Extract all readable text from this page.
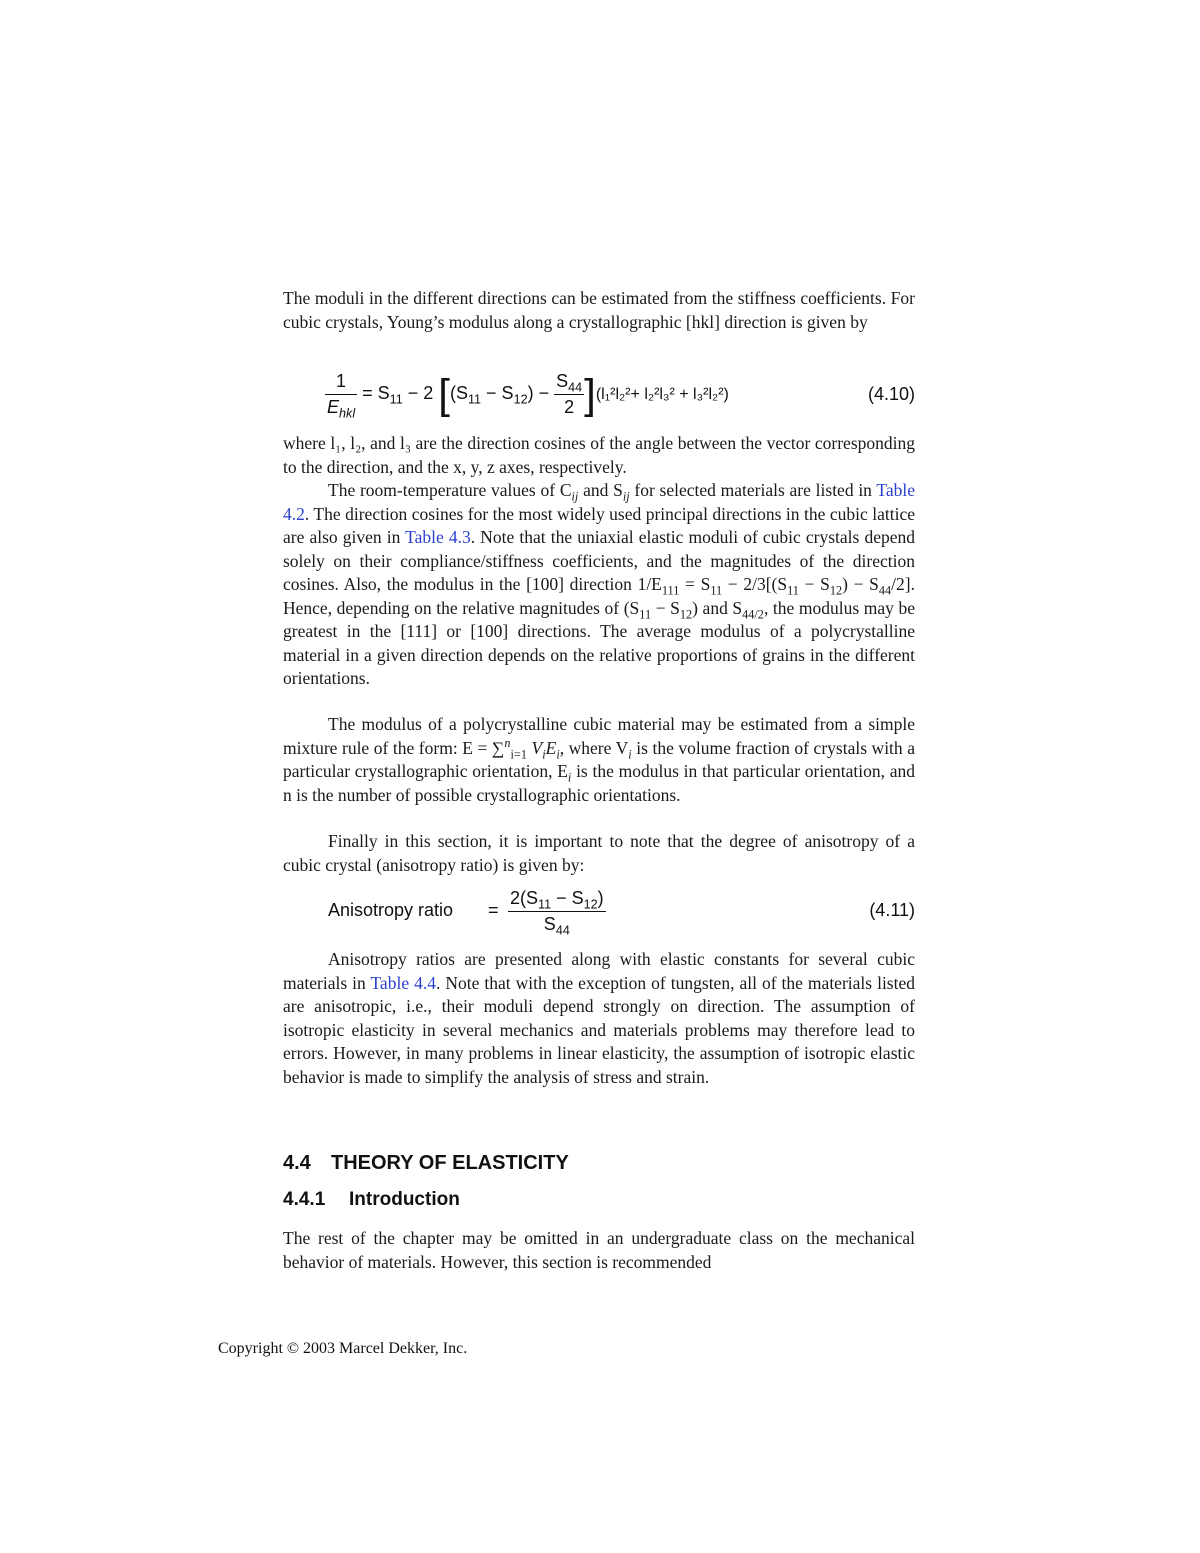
The moduli in the different directions can be estimated from the stiffness coefficients. For cubic crystals, Young’s modulus along a crystallographic [hkl] direction is given by

$\frac{1}{E_{hkl}} = S_{11} - 2$ $[(S_{11} - S_{12}) - \frac{S_{44}}{2} ](l_1^2l_2^2+ l_2^2l_3^2 + l_3^2l_2^2)$	(4.10)

where l₁, l₂, and l₃ are the direction cosines of the angle between the vector corresponding to the direction, and the x, y, z axes, respectively.

The room-temperature values of $C_{ij}$ and $S_{ij}$ for selected materials are listed in Table 4.2. The direction cosines for the most widely used principal directions in the cubic lattice are also given in Table 4.3. Note that the uniaxial elastic moduli of cubic crystals depend solely on their compliance/stiffness coefficients, and the magnitudes of the direction cosines. Also, the modulus in the [100] direction $1/E_{111} = S_{11} - 2/3[(S_{11} - S_{12}) - S_{44}/2]$. Hence, depending on the relative magnitudes of $(S_{11} - S_{12})$ and $S_{44/2}$, the modulus may be greatest in the [111] or [100] directions. The average modulus of a polycrystalline material in a given direction depends on the relative proportions of grains in the different orientations.

The modulus of a polycrystalline cubic material may be estimated from a simple mixture rule of the form: E = ∑$^n_{i=1}$ $V_iE_i$, where $V_i$ is the volume fraction of crystals with a particular crystallographic orientation, $E_i$ is the modulus in that particular orientation, and n is the number of possible crystallographic orientations.

Finally in this section, it is important to note that the degree of anisotropy of a cubic crystal (anisotropy ratio) is given by:

Anisotropy ratio = $\frac{2(S_{11} - S_{12})}{S_{44}}$	(4.11)

Anisotropy ratios are presented along with elastic constants for several cubic materials in Table 4.4. Note that with the exception of tungsten, all of the materials listed are anisotropic, i.e., their moduli depend strongly on direction. The assumption of isotropic elasticity in several mechanics and materials problems may therefore lead to errors. However, in many problems in linear elasticity, the assumption of isotropic elastic behavior is made to simplify the analysis of stress and strain.

4.4 THEORY OF ELASTICITY
4.4.1 Introduction

The rest of the chapter may be omitted in an undergraduate class on the mechanical behavior of materials. However, this section is recommended

Copyright © 2003 Marcel Dekker, Inc.
